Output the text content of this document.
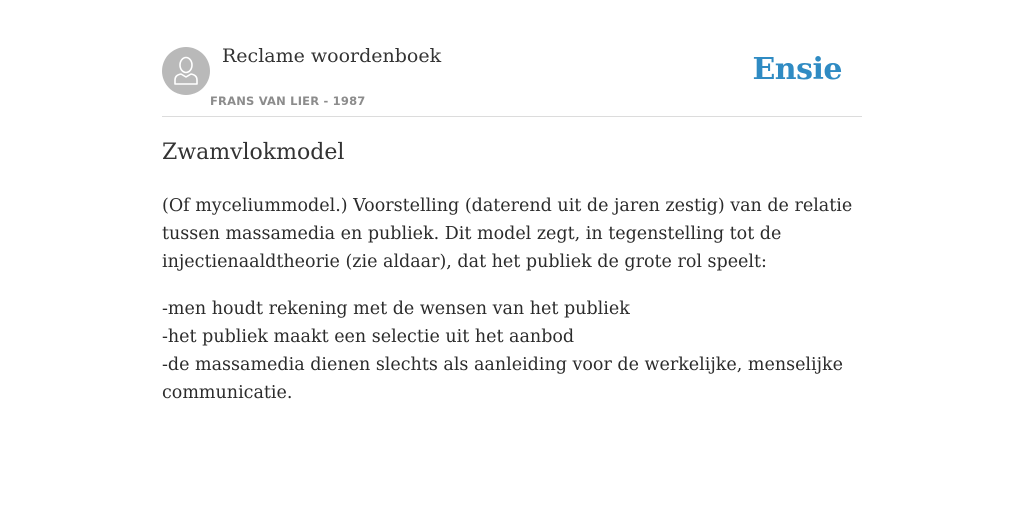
Reclame woordenboek
FRANS VAN LIER - 1987
Ensie
Zwamvlokmodel

(Of myceliummodel.) Voorstelling (daterend uit de jaren zestig) van de relatie
tussen massamedia en publiek. Dit model zegt, in tegenstelling tot de
injectienaaldtheorie (zie aldaar), dat het publiek de grote rol speelt:

-men houdt rekening met de wensen van het publiek
-het publiek maakt een selectie uit het aanbod
-de massamedia dienen slechts als aanleiding voor de werkelijke, menselijke
communicatie.
